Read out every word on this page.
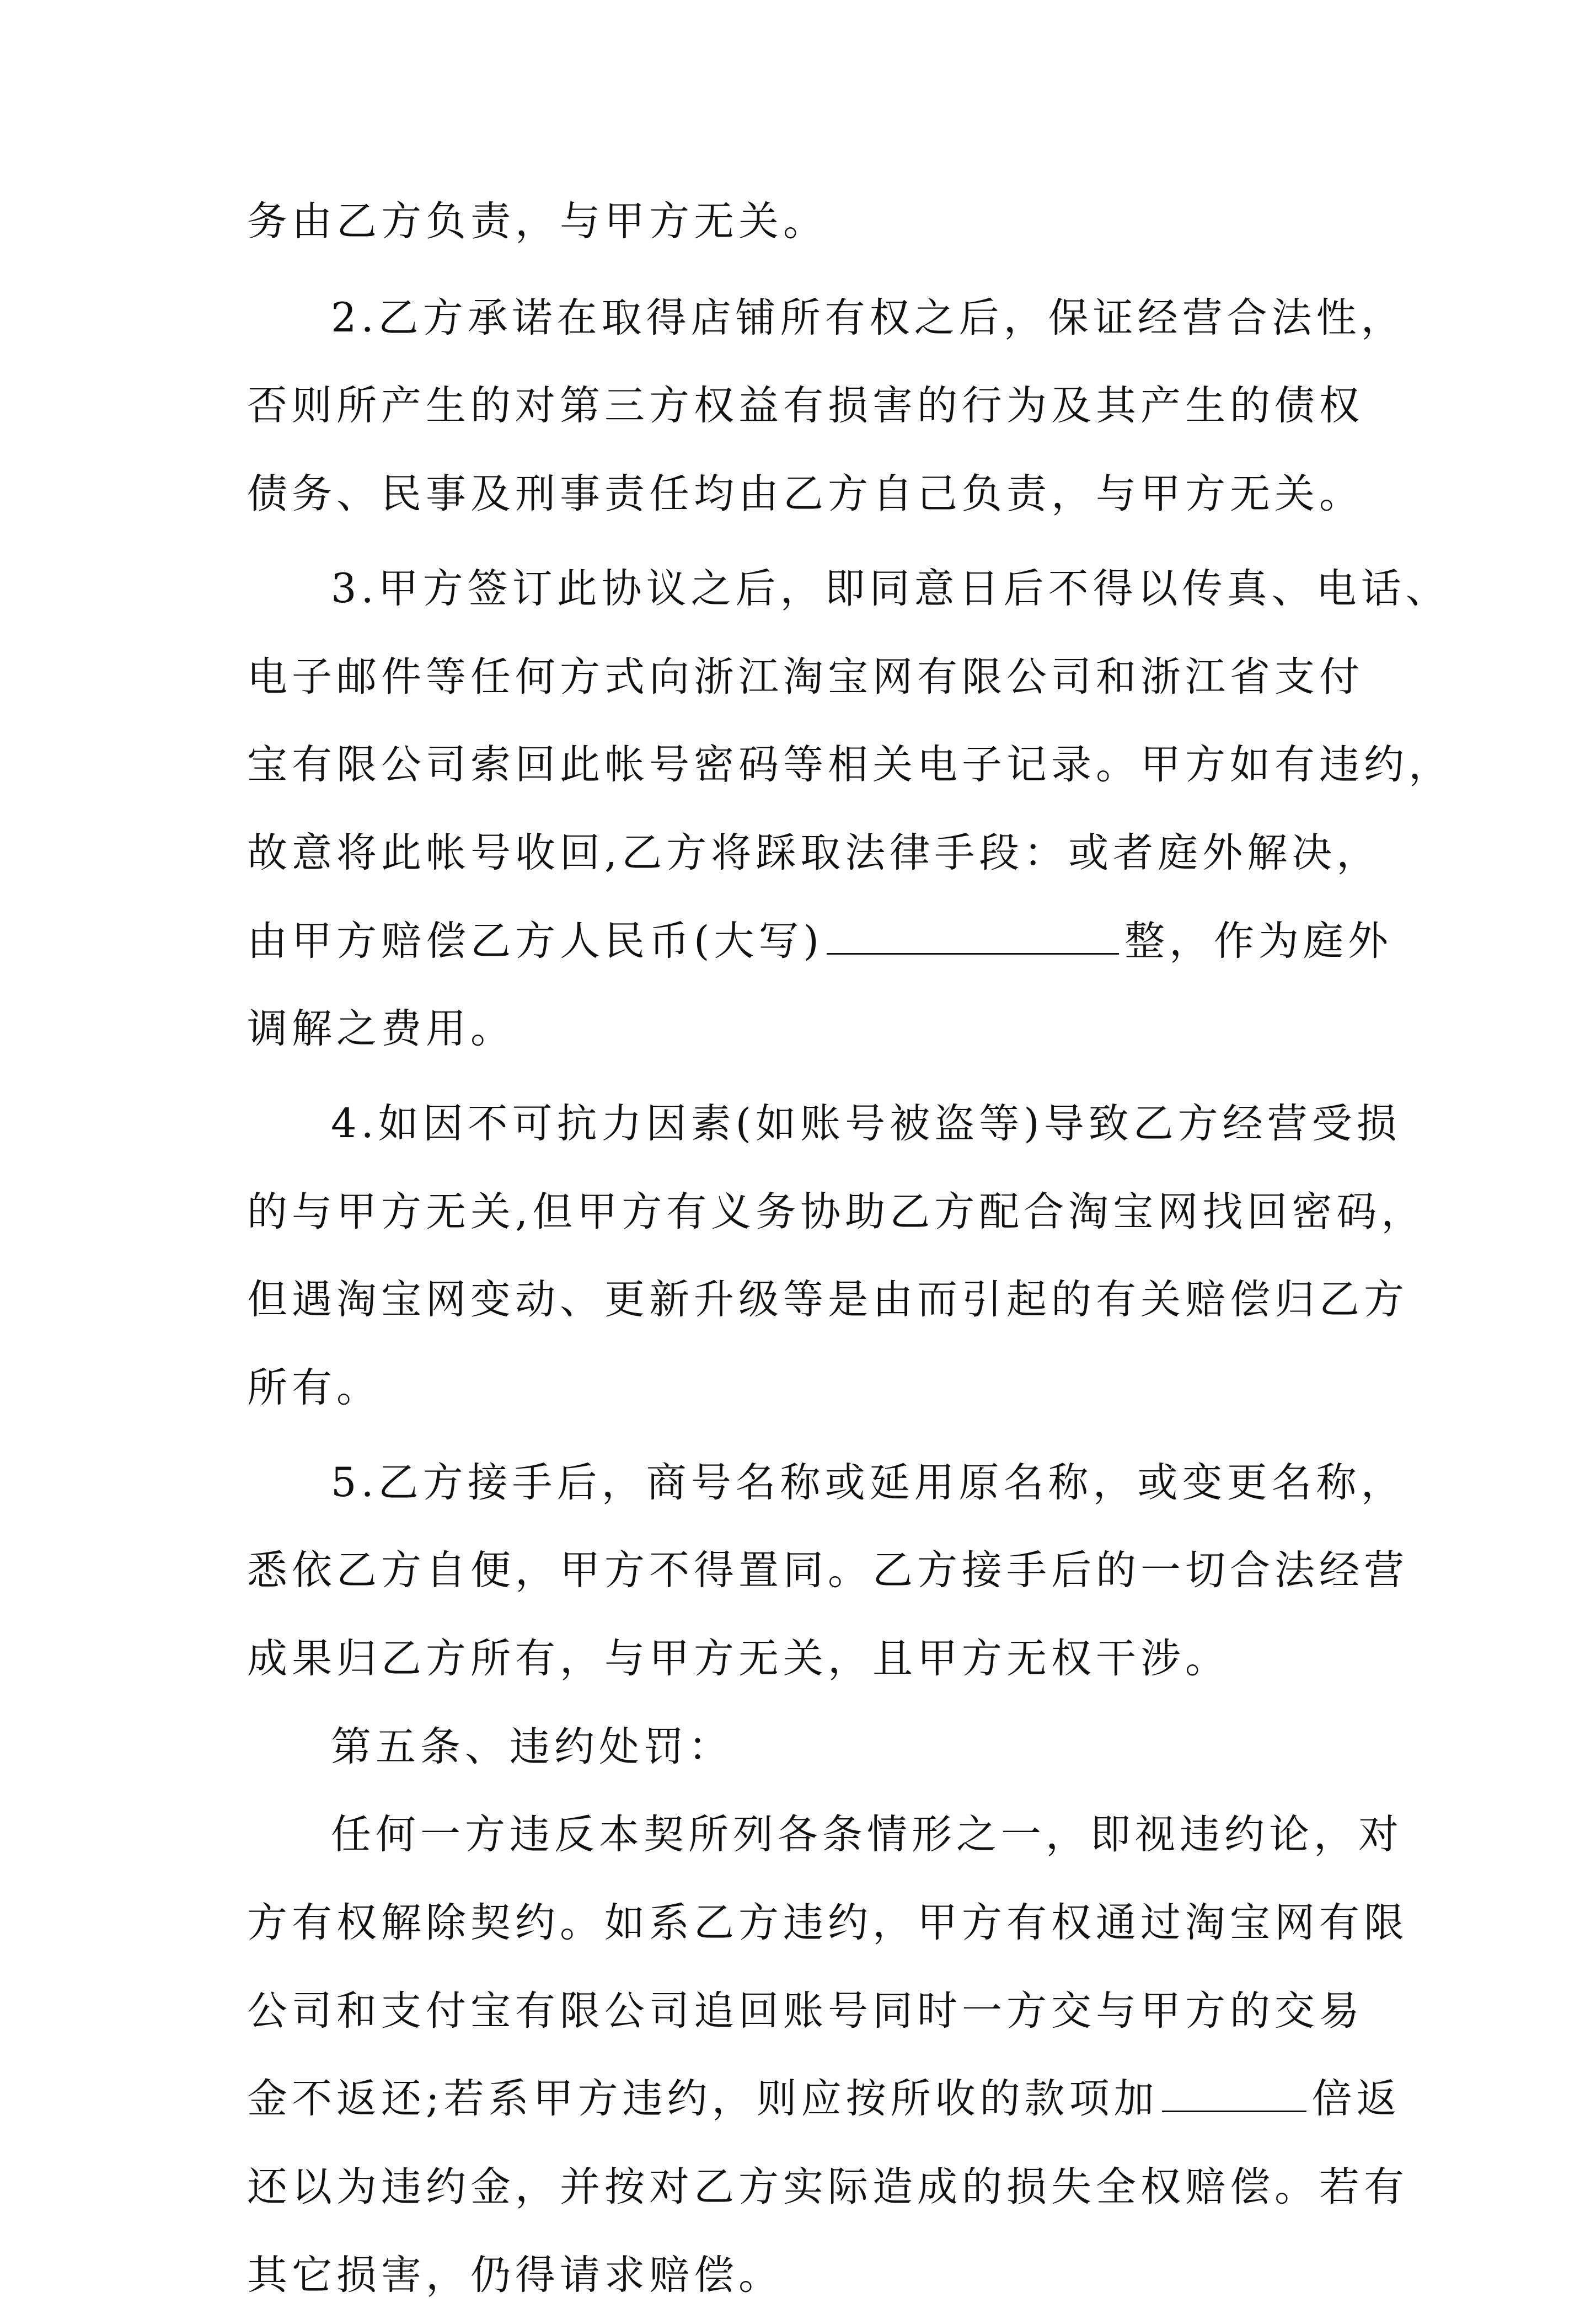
务由乙方负责，与甲方无关。
2.乙方承诺在取得店铺所有权之后，保证经营合法性，
否则所产生的对第三方权益有损害的行为及其产生的债权
债务、民事及刑事责任均由乙方自己负责，与甲方无关。
3.甲方签订此协议之后，即同意日后不得以传真、电话、
电子邮件等任何方式向浙江淘宝网有限公司和浙江省支付
宝有限公司索回此帐号密码等相关电子记录。甲方如有违约，
故意将此帐号收回,乙方将踩取法律手段：或者庭外解决，
由甲方赔偿乙方人民币(大写)	整，作为庭外
调解之费用。
4.如因不可抗力因素(如账号被盗等)导致乙方经营受损
的与甲方无关,但甲方有义务协助乙方配合淘宝网找回密码，
但遇淘宝网变动、更新升级等是由而引起的有关赔偿归乙方
所有。
5.乙方接手后，商号名称或延用原名称，或变更名称，
悉依乙方自便，甲方不得置同。乙方接手后的一切合法经营
成果归乙方所有，与甲方无关，且甲方无权干涉。
第五条、违约处罚：
任何一方违反本契所列各条情形之一，即视违约论，对
方有权解除契约。如系乙方违约，甲方有权通过淘宝网有限
公司和支付宝有限公司追回账号同时一方交与甲方的交易
金不返还;若系甲方违约，则应按所收的款项加	倍返
还以为违约金，并按对乙方实际造成的损失全权赔偿。若有
其它损害，仍得请求赔偿。
